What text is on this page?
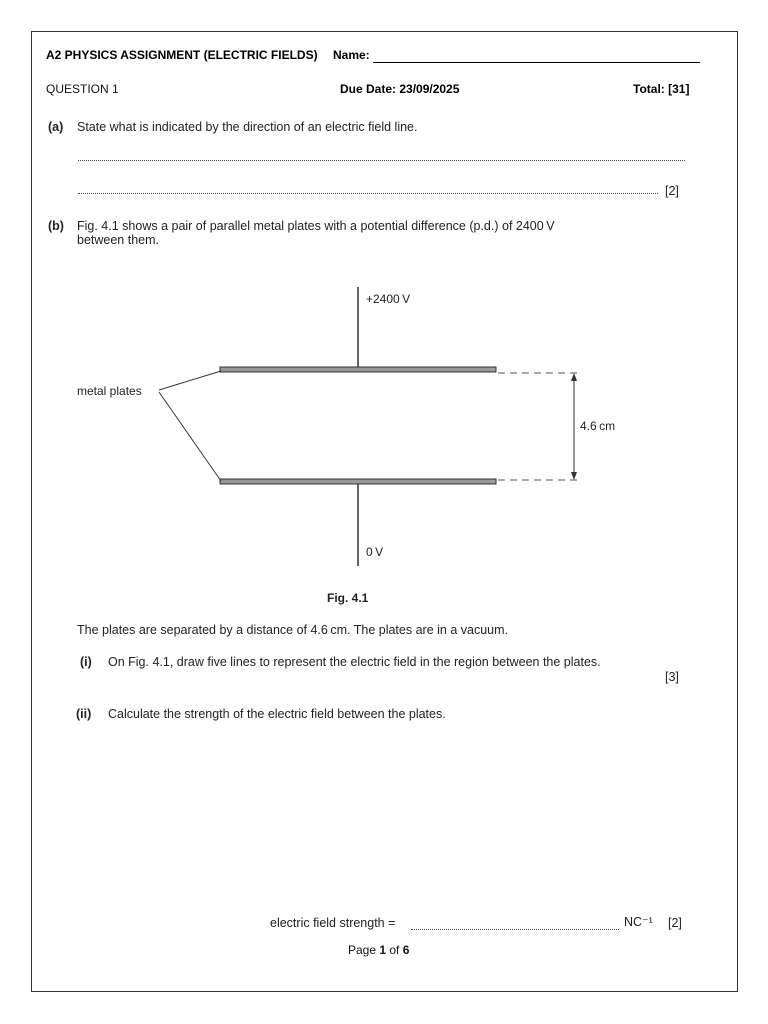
A2 PHYSICS ASSIGNMENT (ELECTRIC FIELDS) Name:
QUESTION 1
(a) State what is indicated by the direction of an electric field line.
[2]
(b) Fig. 4.1 shows a pair of parallel metal plates with a potential difference (p.d.) of 2400 V
between them.
+2400 V
0 V
metal plates
4.6 cm
Fig. 4.1
The plates are separated by a distance of 4.6 cm. The plates are in a vacuum.
(i) On Fig. 4.1, draw five lines to represent the electric field in the region between the plates.
[3]
(ii) Calculate the strength of the electric field between the plates.
electric field strength =	NC⁻¹ [2]
Page 1 of 6
Due Date: 23/09/2025	Total: [31]
